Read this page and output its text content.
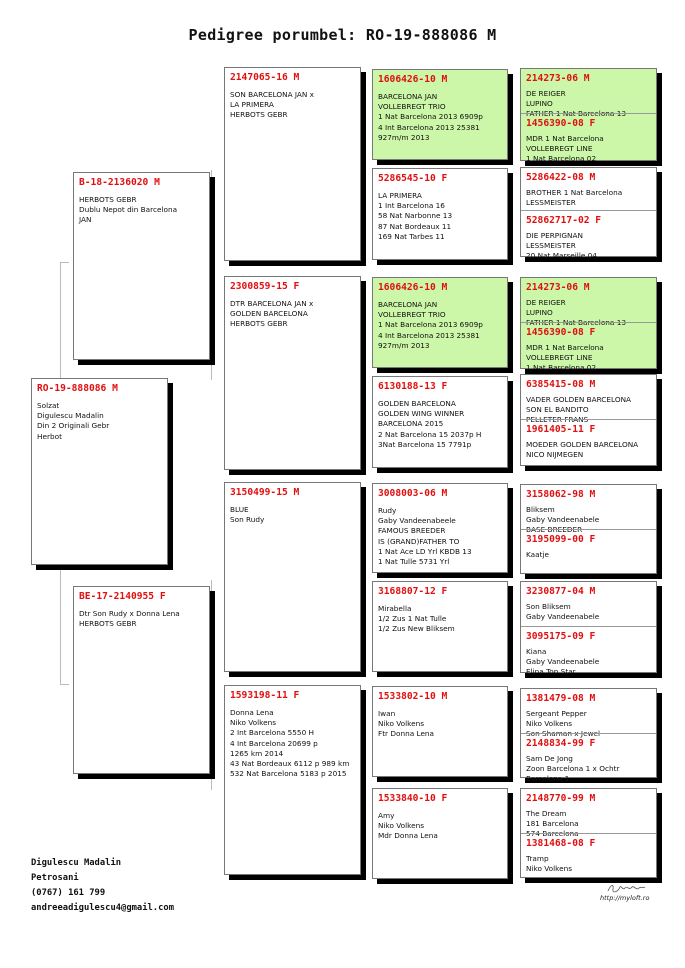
Pedigree porumbel: RO-19-888086 M
RO-19-888086 M
Solzat
Digulescu Madalin
Din 2 Originali Gebr
Herbot
B-18-2136020 M
HERBOTS GEBR
Dublu Nepot din Barcelona
JAN
BE-17-2140955 F
Dtr Son Rudy x Donna Lena
HERBOTS GEBR
2147065-16 M
SON BARCELONA JAN x
LA PRIMERA
HERBOTS GEBR
2300859-15 F
DTR BARCELONA JAN x
GOLDEN BARCELONA
HERBOTS GEBR
3150499-15 M
BLUE
Son Rudy
1593198-11 F
Donna Lena
Niko Volkens
2 Int Barcelona 5550 H
4 Int Barcelona 20699 p
1265 km 2014
43 Nat Bordeaux 6112 p 989 km
532 Nat Barcelona 5183 p 2015
1606426-10 M
BARCELONA JAN
VOLLEBREGT TRIO
1 Nat Barcelona 2013 6909p
4 Int Barcelona 2013 25381
927m/m 2013
5286545-10 F
LA PRIMERA
1 Int Barcelona 16
58 Nat Narbonne 13
87 Nat Bordeaux 11
169 Nat Tarbes 11
1606426-10 M
BARCELONA JAN
VOLLEBREGT TRIO
1 Nat Barcelona 2013 6909p
4 Int Barcelona 2013 25381
927m/m 2013
6130188-13 F
GOLDEN BARCELONA
GOLDEN WING WINNER
BARCELONA 2015
2 Nat Barcelona 15 2037p H
3Nat Barcelona 15 7791p
3008003-06 M
Rudy
Gaby Vandeenabeele
FAMOUS BREEDER
IS (GRAND)FATHER TO
1 Nat Ace LD Yrl KBDB 13
1 Nat Tulle 5731 Yrl
3168807-12 F
Mirabella
1/2 Zus 1 Nat Tulle
1/2 Zus New Bliksem
1533802-10 M
Iwan
Niko Volkens
Ftr Donna Lena
1533840-10 F
Amy
Niko Volkens
Mdr Donna Lena
214273-06 M
DE REIGER
LUPINO
FATHER 1 Nat Barcelona 13
1456390-08 F
MDR 1 Nat Barcelona
VOLLEBREGT LINE
1 Nat Barcelona 02
5286422-08 M
BROTHER 1 Nat Barcelona
LESSMEISTER
52862717-02 F
DIE PERPIGNAN
LESSMEISTER
20 Nat Marseille 04
214273-06 M
DE REIGER
LUPINO
FATHER 1 Nat Barcelona 13
1456390-08 F
MDR 1 Nat Barcelona
VOLLEBREGT LINE
1 Nat Barcelona 02
6385415-08 M
VADER GOLDEN BARCELONA
SON EL BANDITO
PELLETER FRANS
1961405-11 F
MOEDER GOLDEN BARCELONA
NICO NIJMEGEN
3158062-98 M
Bliksem
Gaby Vandeenabele
BASE BREEDER
3195099-00 F
Kaatje
3230877-04 M
Son Bliksem
Gaby Vandeenabele
3095175-09 F
Kiana
Gaby Vandeenabele
Elina Top Star
1381479-08 M
Sergeant Pepper
Niko Volkens
Son Shaman x Jewel
2148834-99 F
Sam De Jong
Zoon Barcelona 1 x Ochtr
Barcelona 1
2148770-99 M
The Dream
181 Barcelona
574 Barcelona
1381468-08 F
Tramp
Niko Volkens
Digulescu Madalin
Petrosani
(0767) 161 799
andreeadigulescu4@gmail.com
http://myloft.ro
